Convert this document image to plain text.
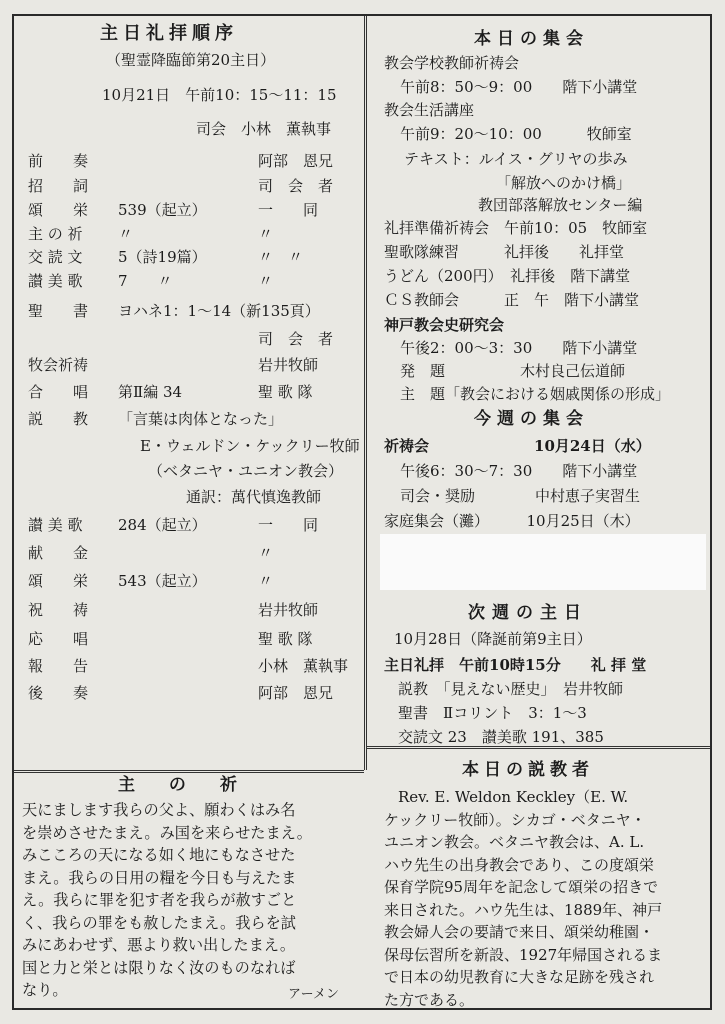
主日礼拝順序
（聖霊降臨節第20主日）
10月21日　午前10：15～11：15
司会　小林　薫執事
前　　奏	阿部　恩兄
招　　詞	司　会　者
頌　　栄 539（起立）	一　　同
主 の 祈 〃	〃
交 読 文 5（詩19篇）	〃　〃
讃 美 歌 7　　〃	〃
聖　　書 ヨハネ1：1～14（新135頁）
司　会　者
牧会祈祷	岩井牧師
合　　唱 第Ⅱ編 34	聖 歌 隊
説　　教 「言葉は肉体となった」
E・ウェルドン・ケックリー牧師
（ベタニヤ・ユニオン教会）
通訳：萬代慎逸教師
讃 美 歌 284（起立）	一　　同
献　　金	〃
頌　　栄 543（起立）	〃
祝　　祷	岩井牧師
応　　唱	聖 歌 隊
報　　告	小林　薫執事
後　　奏	阿部　恩兄
主 の 祈
天にまします我らの父よ、願わくはみ名
を崇めさせたまえ。み国を来らせたまえ。
みこころの天になる如く地にもなさせた
まえ。我らの日用の糧を今日も与えたま
え。我らに罪を犯す者を我らが赦すごと
く、我らの罪をも赦したまえ。我らを試
みにあわせず、悪より救い出したまえ。
国と力と栄とは限りなく汝のものなれば
なり。	アーメン
本日の集会
教会学校教師祈祷会
午前8：50～9：00　　階下小講堂
教会生活講座
午前9：20～10：00　　　牧師室
テキスト：ルイス・グリヤの歩み
「解放へのかけ橋」
教団部落解放センター編
礼拝準備祈祷会　午前10：05　牧師室
聖歌隊練習　　　礼拝後　　礼拝堂
うどん（200円）　礼拝後　階下講堂
ＣＳ教師会　　　正　午　階下小講堂
神戸教会史研究会
午後2：00～3：30　　階下小講堂
発　題　　　　　木村良己伝道師
主　題「教会における姻戚関係の形成」
今週の集会
祈祷会　　　　　　　10月24日（水）
午後6：30～7：30　　階下小講堂
司会・奨励　　　　中村恵子実習生
家庭集会（灘）　　　10月25日（木）
次週の主日
10月28日（降誕前第9主日）
主日礼拝　午前10時15分　　礼 拝 堂
説教　「見えない歴史」　岩井牧師
聖書　Ⅱコリント　3：1～3
交読文 23　讃美歌 191、385
本日の説教者
Rev. E. Weldon Keckley（E. W.
ケックリー牧師）。シカゴ・ベタニヤ・
ユニオン教会。ベタニヤ教会は、A. L.
ハウ先生の出身教会であり、この度頌栄
保育学院95周年を記念して頌栄の招きで
来日された。ハウ先生は、1889年、神戸
教会婦人会の要請で来日、頌栄幼稚園・
保母伝習所を新設、1927年帰国されるま
で日本の幼児教育に大きな足跡を残され
た方である。
